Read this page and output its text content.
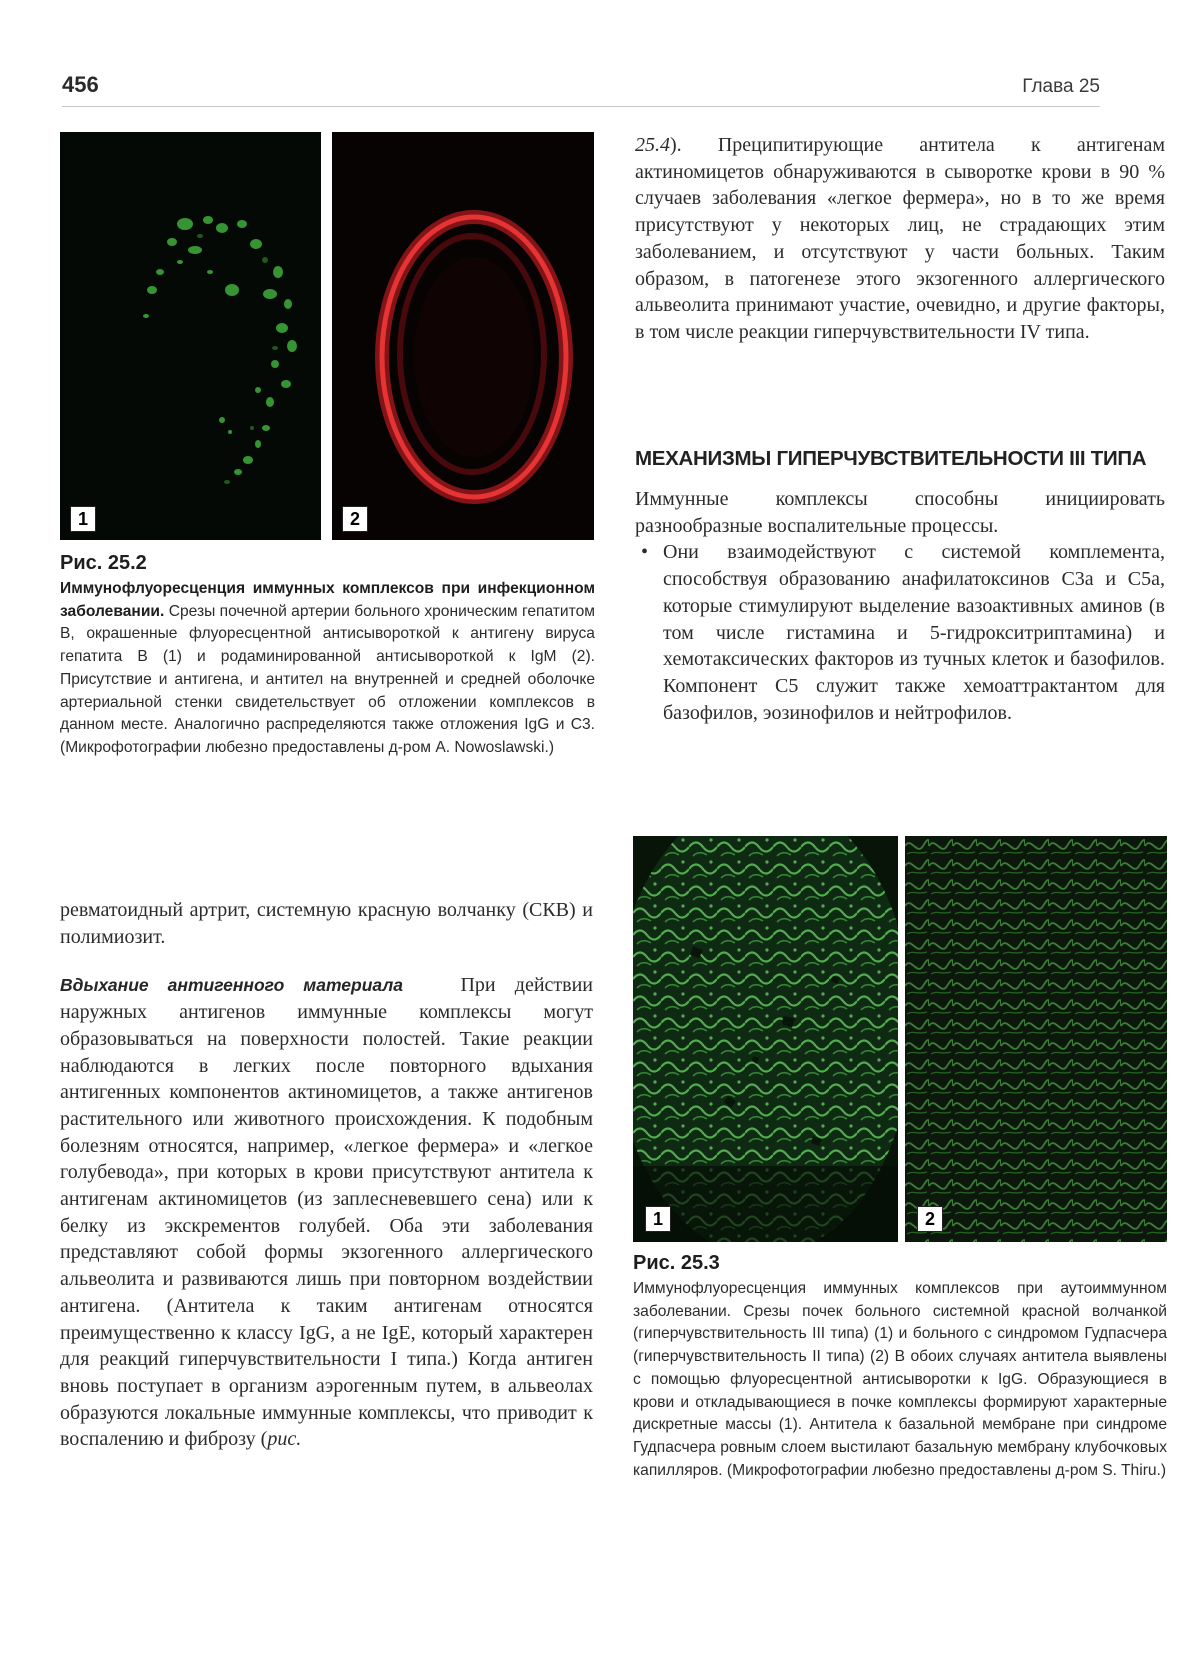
456	Глава 25
1	2
Рис. 25.2
Иммунофлуоресценция иммунных комплексов при инфекционном заболевании. Срезы почечной артерии больного хроническим гепатитом B, окрашенные флуоресцентной антисывороткой к антигену вируса гепатита B (1) и родаминированной антисывороткой к IgM (2). Присутствие и антигена, и антител на внутренней и средней оболочке артериальной стенки свидетельствует об отложении комплексов в данном месте. Аналогично распределяются также отложения IgG и C3. (Микрофотографии любезно предоставлены д-ром A. Nowoslawski.)

ревматоидный артрит, системную красную волчанку (СКВ) и полимиозит.

Вдыхание антигенного материала	При действии наружных антигенов иммунные комплексы могут образовываться на поверхности полостей. Такие реакции наблюдаются в легких после повторного вдыхания антигенных компонентов актиномицетов, а также антигенов растительного или животного происхождения. К подобным болезням относятся, например, «легкое фермера» и «легкое голубевода», при которых в крови присутствуют антитела к антигенам актиномицетов (из заплесневевшего сена) или к белку из экскрементов голубей. Оба эти заболевания представляют собой формы экзогенного аллергического альвеолита и развиваются лишь при повторном воздействии антигена. (Антитела к таким антигенам относятся преимущественно к классу IgG, а не IgE, который характерен для реакций гиперчувствительности I типа.) Когда антиген вновь поступает в организм аэрогенным путем, в альвеолах образуются локальные иммунные комплексы, что приводит к воспалению и фиброзу (рис.

25.4). Преципитирующие антитела к антигенам актиномицетов обнаруживаются в сыворотке крови в 90 % случаев заболевания «легкое фермера», но в то же время присутствуют у некоторых лиц, не страдающих этим заболеванием, и отсутствуют у части больных. Таким образом, в патогенезе этого экзогенного аллергического альвеолита принимают участие, очевидно, и другие факторы, в том числе реакции гиперчувствительности IV типа.

МЕХАНИЗМЫ ГИПЕРЧУВСТВИТЕЛЬНОСТИ III ТИПА

Иммунные комплексы способны инициировать разнообразные воспалительные процессы.

• Они взаимодействуют с системой комплемента, способствуя образованию анафилатоксинов C3a и C5a, которые стимулируют выделение вазоактивных аминов (в том числе гистамина и 5-гидрокситриптамина) и хемотаксических факторов из тучных клеток и базофилов. Компонент C5 служит также хемоаттрактантом для базофилов, эозинофилов и нейтрофилов.
1	2
Рис. 25.3
Иммунофлуоресценция иммунных комплексов при аутоиммунном заболевании. Срезы почек больного системной красной волчанкой (гиперчувствительность III типа) (1) и больного с синдромом Гудпасчера (гиперчувствительность II типа) (2) В обоих случаях антитела выявлены с помощью флуоресцентной антисыворотки к IgG. Образующиеся в крови и откладывающиеся в почке комплексы формируют характерные дискретные массы (1). Антитела к базальной мембране при синдроме Гудпасчера ровным слоем выстилают базальную мембрану клубочковых капилляров. (Микрофотографии любезно предоставлены д-ром S. Thiru.)
